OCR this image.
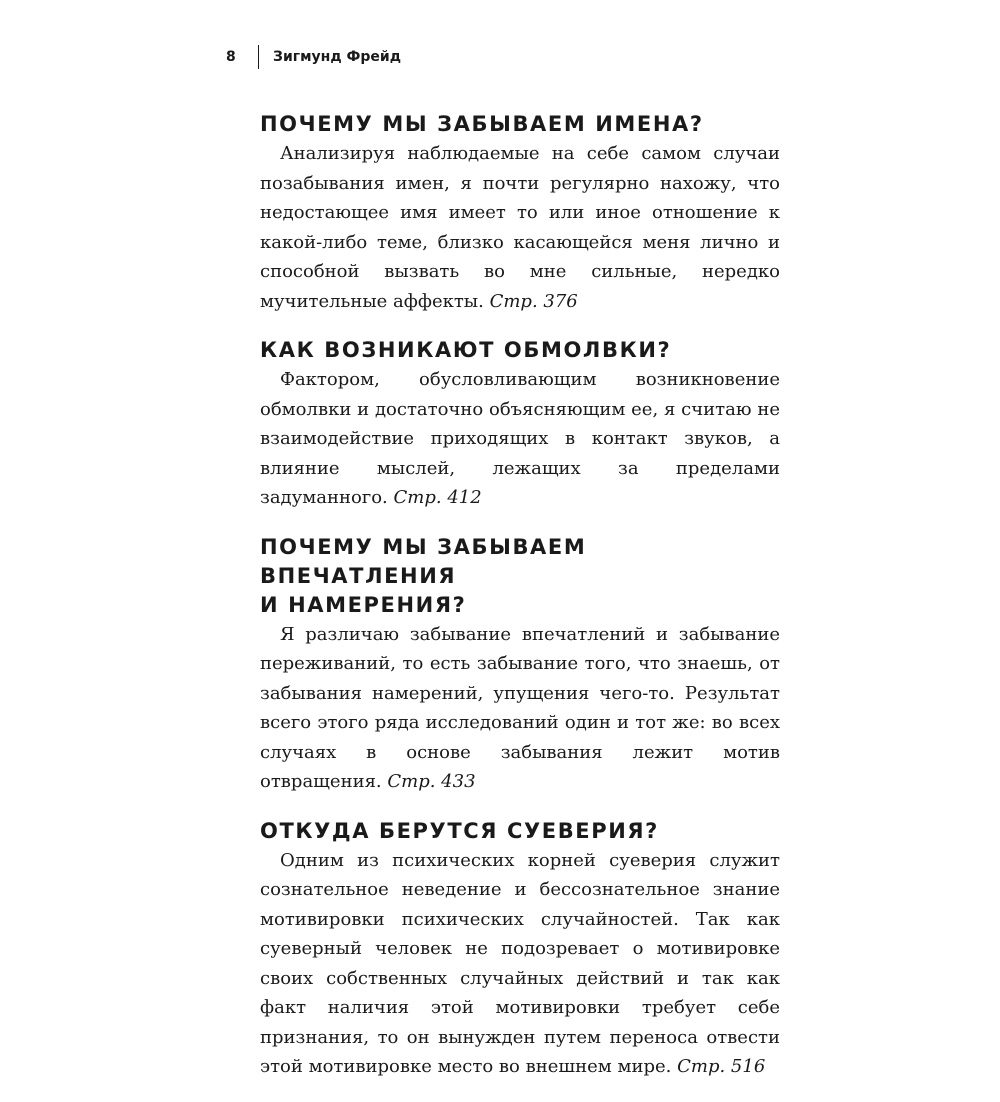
8	Зигмунд Фрейд
ПОЧЕМУ МЫ ЗАБЫВАЕМ ИМЕНА?

Анализируя наблюдаемые на себе самом случаи позабывания имен, я почти регулярно нахожу, что недостающее имя имеет то или иное отношение к какой-либо теме, близко касающейся меня лично и способной вызвать во мне сильные, нередко мучительные аффекты. Стр. 376

КАК ВОЗНИКАЮТ ОБМОЛВКИ?

Фактором, обусловливающим возникновение обмолвки и достаточно объясняющим ее, я считаю не взаимодействие приходящих в контакт звуков, а влияние мыслей, лежащих за пределами задуманного. Стр. 412

ПОЧЕМУ МЫ ЗАБЫВАЕМ ВПЕЧАТЛЕНИЯ
И НАМЕРЕНИЯ?

Я различаю забывание впечатлений и забывание переживаний, то есть забывание того, что знаешь, от забывания намерений, упущения чего-то. Результат всего этого ряда исследований один и тот же: во всех случаях в основе забывания лежит мотив отвращения. Стр. 433

ОТКУДА БЕРУТСЯ СУЕВЕРИЯ?

Одним из психических корней суеверия служит сознательное неведение и бессознательное знание мотивировки психических случайностей. Так как суеверный человек не подозревает о мотивировке своих собственных случайных действий и так как факт наличия этой мотивировки требует себе признания, то он вынужден путем переноса отвести этой мотивировке место во внешнем мире. Стр. 516
